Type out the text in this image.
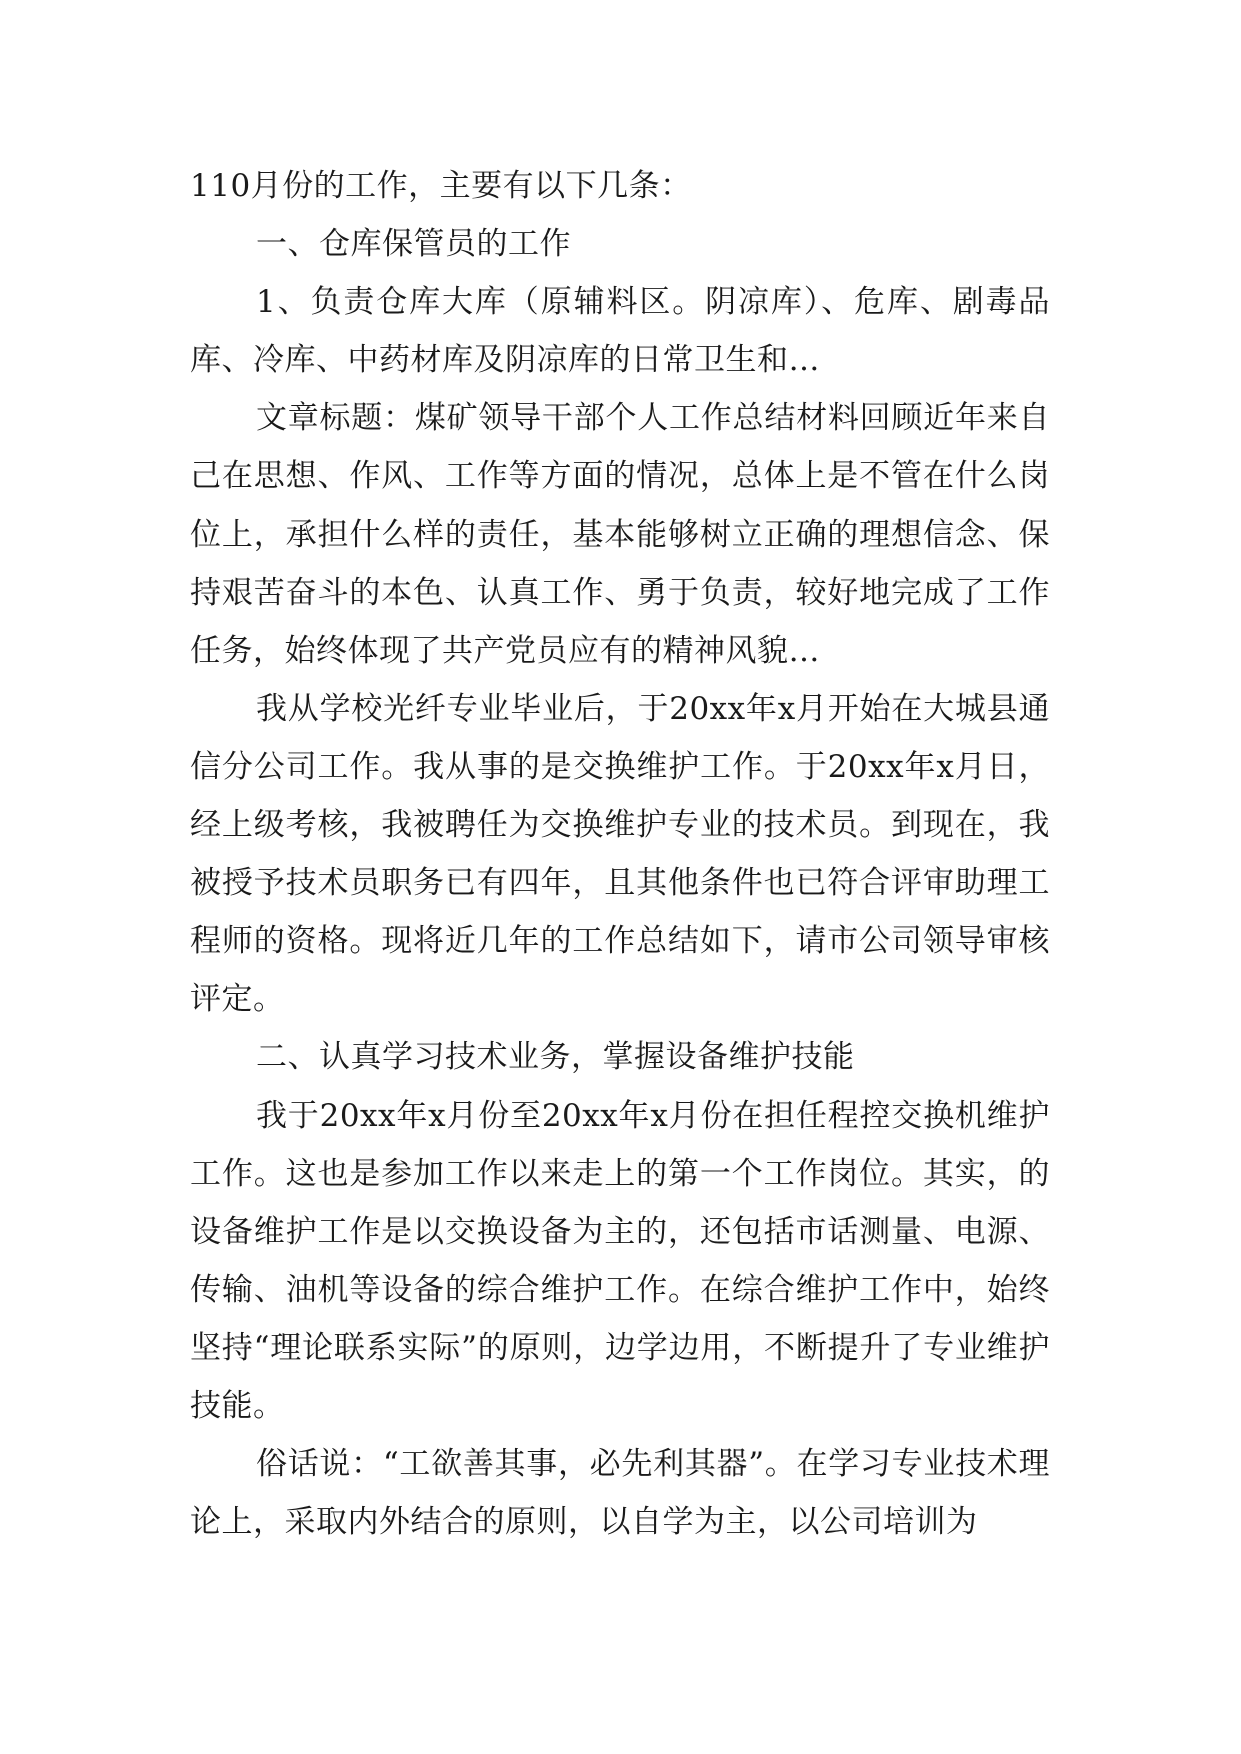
110月份的工作，主要有以下几条：

一、仓库保管员的工作

1、负责仓库大库（原辅料区。阴凉库）、危库、剧毒品库、冷库、中药材库及阴凉库的日常卫生和…

文章标题：煤矿领导干部个人工作总结材料回顾近年来自己在思想、作风、工作等方面的情况，总体上是不管在什么岗位上，承担什么样的责任，基本能够树立正确的理想信念、保持艰苦奋斗的本色、认真工作、勇于负责，较好地完成了工作任务，始终体现了共产党员应有的精神风貌…

我从学校光纤专业毕业后，于20xx年x月开始在大城县通信分公司工作。我从事的是交换维护工作。于20xx年x月日，经上级考核，我被聘任为交换维护专业的技术员。到现在，我被授予技术员职务已有四年，且其他条件也已符合评审助理工程师的资格。现将近几年的工作总结如下，请市公司领导审核评定。

二、认真学习技术业务，掌握设备维护技能

我于20xx年x月份至20xx年x月份在担任程控交换机维护工作。这也是参加工作以来走上的第一个工作岗位。其实，的设备维护工作是以交换设备为主的，还包括市话测量、电源、传输、油机等设备的综合维护工作。在综合维护工作中，始终坚持“理论联系实际”的原则，边学边用，不断提升了专业维护技能。

俗话说：“工欲善其事，必先利其器”。在学习专业技术理论上，采取内外结合的原则，以自学为主，以公司培训为
